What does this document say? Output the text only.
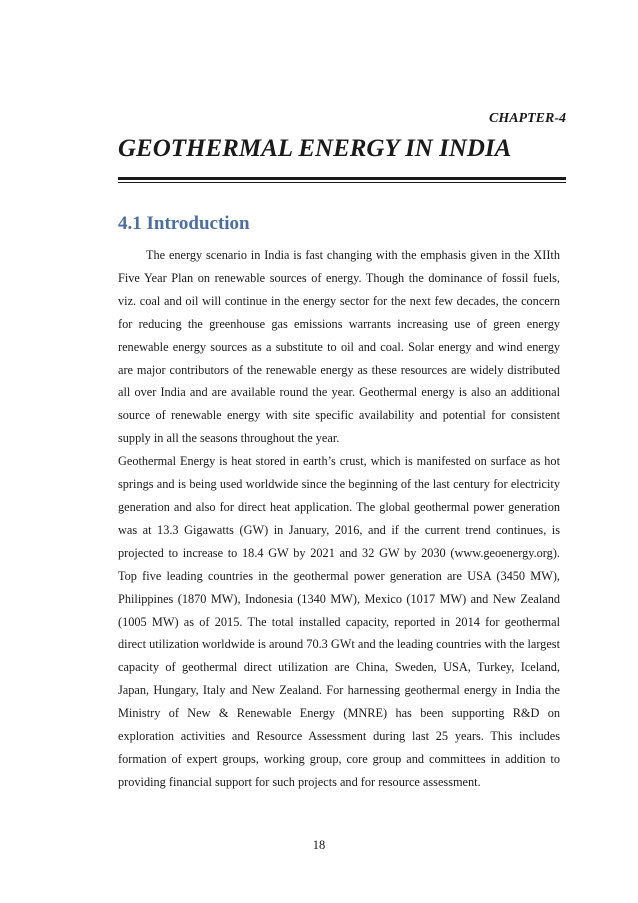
CHAPTER-4
GEOTHERMAL ENERGY IN INDIA
4.1 Introduction

The energy scenario in India is fast changing with the emphasis given in the XIIth Five Year Plan on renewable sources of energy. Though the dominance of fossil fuels, viz. coal and oil will continue in the energy sector for the next few decades, the concern for reducing the greenhouse gas emissions warrants increasing use of green energy renewable energy sources as a substitute to oil and coal. Solar energy and wind energy are major contributors of the renewable energy as these resources are widely distributed all over India and are available round the year. Geothermal energy is also an additional source of renewable energy with site specific availability and potential for consistent supply in all the seasons throughout the year.

Geothermal Energy is heat stored in earth’s crust, which is manifested on surface as hot springs and is being used worldwide since the beginning of the last century for electricity generation and also for direct heat application. The global geothermal power generation was at 13.3 Gigawatts (GW) in January, 2016, and if the current trend continues, is projected to increase to 18.4 GW by 2021 and 32 GW by 2030 (www.geoenergy.org). Top five leading countries in the geothermal power generation are USA (3450 MW), Philippines (1870 MW), Indonesia (1340 MW), Mexico (1017 MW) and New Zealand (1005 MW) as of 2015. The total installed capacity, reported in 2014 for geothermal direct utilization worldwide is around 70.3 GWt and the leading countries with the largest capacity of geothermal direct utilization are China, Sweden, USA, Turkey, Iceland, Japan, Hungary, Italy and New Zealand. For harnessing geothermal energy in India the Ministry of New & Renewable Energy (MNRE) has been supporting R&D on exploration activities and Resource Assessment during last 25 years. This includes formation of expert groups, working group, core group and committees in addition to providing financial support for such projects and for resource assessment.

18
